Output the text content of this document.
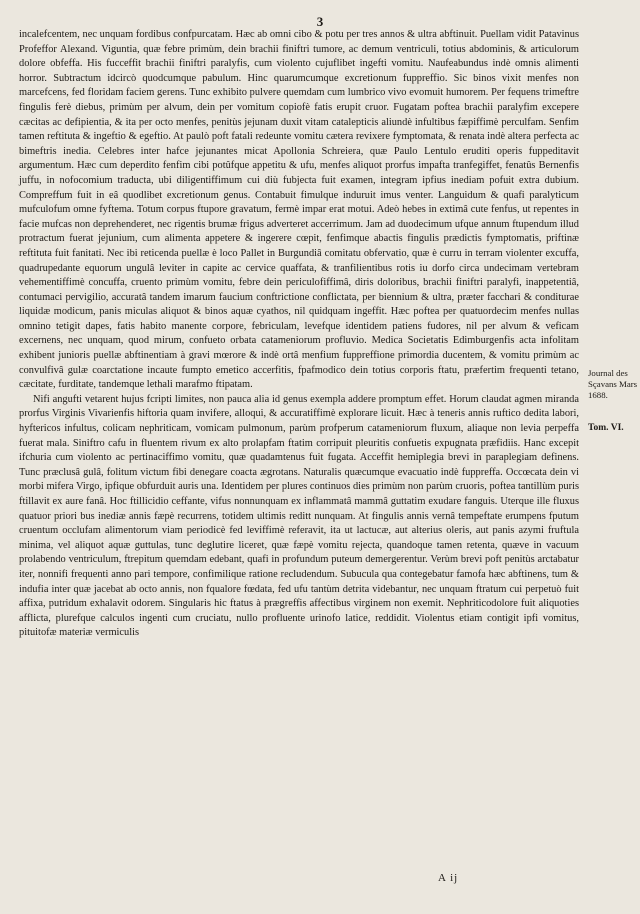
3

incalefcentem, nec unquam fordibus confpurcatam. Hæc ab omni cibo & potu per tres annos & ultra abftinuit. Puellam vidit Patavinus Profeffor Alexand. Viguntia, quæ febre primùm, dein brachii finiftri tumore, ac demum ventriculi, totius abdominis, & articulorum dolore obfeffa. His fucceffit brachii finiftri paralyfis, cum violento cujuflibet ingefti vomitu. Naufeabundus indè omnis alimenti horror. Subtractum idcircò quodcumque pabulum. Hinc quarumcumque excretionum fuppreffio. Sic binos vixit menfes non marcefcens, fed floridam faciem gerens. Tunc exhibito pulvere quemdam cum lumbrico vivo evomuit humorem. Per fequens trimeftre fingulis ferè diebus, primùm per alvum, dein per vomitum copiofè fatis erupit cruor. Fugatam poftea brachii paralyfim excepere cæcitas ac defipientia, & ita per octo menfes, penitùs jejunam duxit vitam catalepticis aliundè infultibus fæpiffimè perculfam. Senfim tamen reftituta & ingeftio & egeftio. At paulò poft fatali redeunte vomitu cætera revixere fymptomata, & renata indè altera perfecta ac bimeftris inedia. Celebres inter hafce jejunantes micat Apollonia Schreiera, quæ Paulo Lentulo eruditi operis fuppeditavit argumentum. Hæc cum deperdito fenfim cibi potûfque appetitu & ufu, menfes aliquot prorfus impafta tranfegiffet, fenatûs Bernenfis juffu, in nofocomium traducta, ubi diligentiffimum cui diù fubjecta fuit examen, integram ipfius inediam pofuit extra dubium. Compreffum fuit in eâ quodlibet excretionum genus. Contabuit fimulque induruit imus venter. Languidum & quafi paralyticum mufculofum omne fyftema. Totum corpus ftupore gravatum, fermè impar erat motui. Adeò hebes in extimâ cute fenfus, ut repentes in facie mufcas non deprehenderet, nec rigentis brumæ frigus adverteret accerrimum. Jam ad duodecimum ufque annum ftupendum illud protractum fuerat jejunium, cum alimenta appetere & ingerere cœpit, fenfimque abactis fingulis prædictis fymptomatis, priftinæ reftituta fuit fanitati. Nec ibi reticenda puellæ è loco Pallet in Burgundiâ comitatu obfervatio, quæ è curru in terram violenter excuffa, quadrupedante equorum ungulâ leviter in capite ac cervice quaffata, & tranfilientibus rotis iu dorfo circa undecimam vertebram vehementiffimè concuffa, cruento primùm vomitu, febre dein periculofiffimâ, diris doloribus, brachii finiftri paralyfi, inappetentiâ, contumaci pervigilio, accuratâ tandem imarum faucium conftrictione conflictata, per biennium & ultra, præter facchari & conditurae liquidæ modicum, panis miculas aliquot & binos aquæ cyathos, nil quidquam ingeffit. Hæc poftea per quatuordecim menfes nullas omnino tetigit dapes, fatis habito manente corpore, febriculam, levefque identidem patiens fudores, nil per alvum & veficam excernens, nec unquam, quod mirum, confueto orbata catameniorum profluvio. Medica Societatis Edimburgenfis acta infolitam exhibent junioris puellæ abftinentiam à gravi mœrore & indè ortâ menfium fuppreffione primordia ducentem, & vomitu primùm ac convulfivâ gulæ coarctatione incaute fumpto emetico accerfitis, fpafmodico dein totius corporis ftatu, præfertim frequenti tetano, cæcitate, furditate, tandemque lethali marafmo ftipatam.

Nifi angufti vetarent hujus fcripti limites, non pauca alia id genus exempla addere promptum effet. Horum claudat agmen miranda prorfus Virginis Vivarienfis hiftoria quam invifere, alloqui, & accuratiffimè explorare licuit. Hæc à teneris annis ruftico dedita labori, hyftericos infultus, colicam nephriticam, vomicam pulmonum, parùm profperum catameniorum fluxum, aliaque non levia perpeffa fuerat mala. Siniftro cafu in fluentem rivum ex alto prolapfam ftatim corripuit pleuritis confuetis expugnata præfidiis. Hanc excepit ifchuria cum violento ac pertinaciffimo vomitu, quæ quadamtenus fuit fugata. Acceffit hemiplegia brevi in paraplegiam definens. Tunc præclusâ gulâ, folitum victum fibi denegare coacta ægrotans. Naturalis quæcumque evacuatio indè fuppreffa. Occœcata dein vi morbi mifera Virgo, ipfique obfurduit auris una. Identidem per plures continuos dies primùm non parùm cruoris, poftea tantillùm puris ftillavit ex aure fanâ. Hoc ftillicidio ceffante, vifus nonnunquam ex inflammatâ mammâ guttatim exudare fanguis. Uterque ille fluxus quatuor priori bus inediæ annis fæpè recurrens, totidem ultimis reditt nunquam. At fingulis annis vernâ tempeftate erumpens fputum cruentum occlufam alimentorum viam periodicè fed leviffimè referavit, ita ut lactucæ, aut alterius oleris, aut panis azymi fruftula minima, vel aliquot aquæ guttulas, tunc deglutire liceret, quæ fæpè vomitu rejecta, quandoque tamen retenta, quæve in vacuum prolabendo ventriculum, ftrepitum quemdam edebant, quafi in profundum puteum demergerentur. Verùm brevi poft penitùs arctabatur iter, nonnifi frequenti anno pari tempore, confimilique ratione recludendum. Subucula qua contegebatur famofa hæc abftinens, tum & indufia inter quæ jacebat ab octo annis, non fqualore fœdata, fed ufu tantùm detrita videbantur, nec unquam ftratum cui perpetuò fuit affixa, putridum exhalavit odorem. Singularis hic ftatus à prægreffis affectibus virginem non exemit. Nephriticodolore fuit aliquoties afflicta, plurefque calculos ingenti cum cruciatu, nullo profluente urinofo latice, reddidit. Violentus etiam contigit ipfi vomitus, pituitofæ materiæ vermiculis

Journal des Sçavans Mars 1688.
Tom. VI.
A ij
